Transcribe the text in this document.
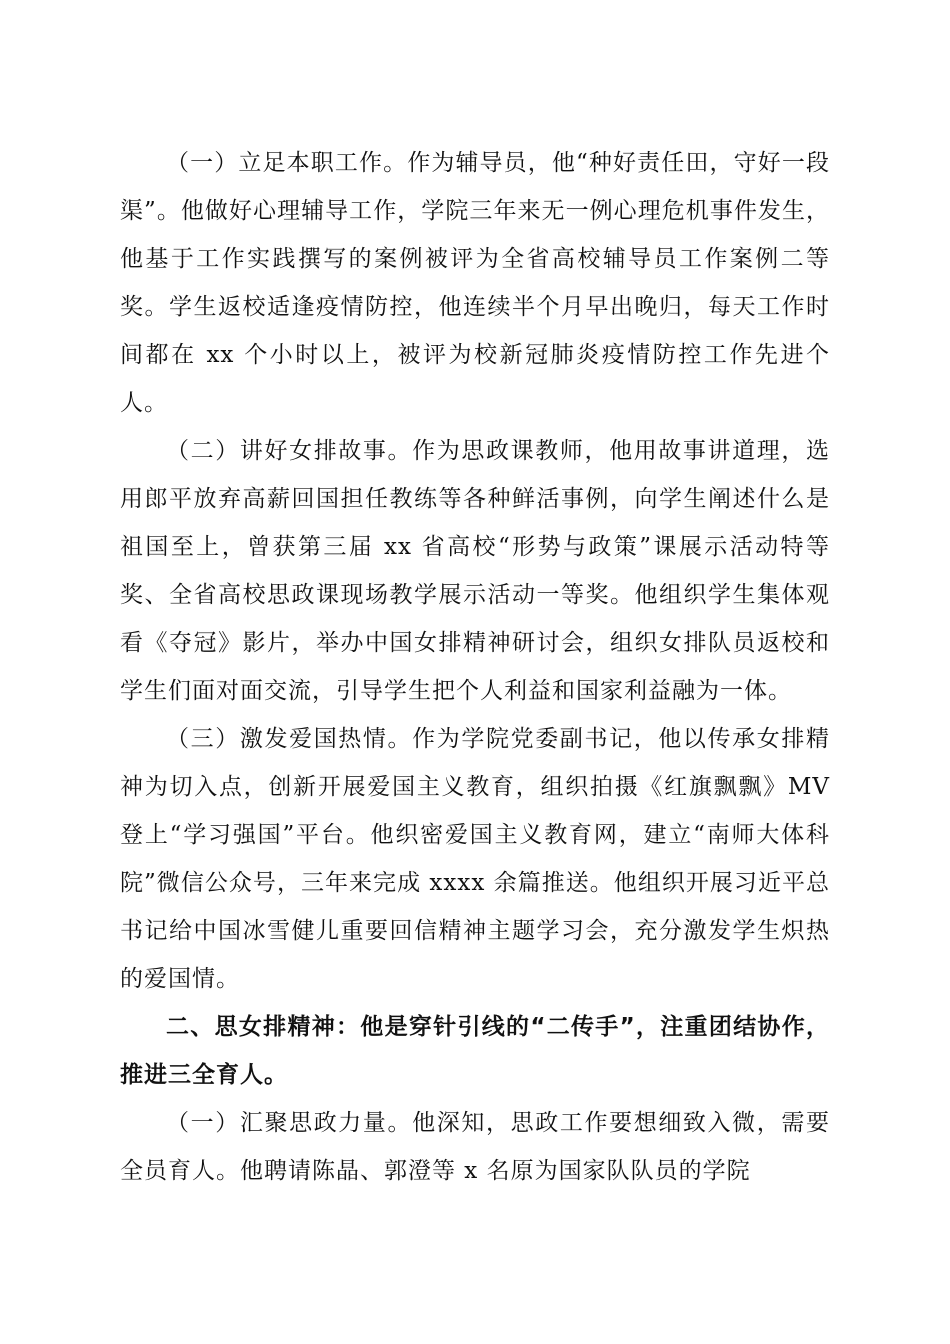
（一）立足本职工作。作为辅导员，他“种好责任田，守好一段渠”。他做好心理辅导工作，学院三年来无一例心理危机事件发生，他基于工作实践撰写的案例被评为全省高校辅导员工作案例二等奖。学生返校适逢疫情防控，他连续半个月早出晚归，每天工作时间都在 xx 个小时以上，被评为校新冠肺炎疫情防控工作先进个人。

（二）讲好女排故事。作为思政课教师，他用故事讲道理，选用郎平放弃高薪回国担任教练等各种鲜活事例，向学生阐述什么是祖国至上，曾获第三届 xx 省高校“形势与政策”课展示活动特等奖、全省高校思政课现场教学展示活动一等奖。他组织学生集体观看《夺冠》影片，举办中国女排精神研讨会，组织女排队员返校和学生们面对面交流，引导学生把个人利益和国家利益融为一体。

（三）激发爱国热情。作为学院党委副书记，他以传承女排精神为切入点，创新开展爱国主义教育，组织拍摄《红旗飘飘》MV 登上“学习强国”平台。他织密爱国主义教育网，建立“南师大体科院”微信公众号，三年来完成 xxxx 余篇推送。他组织开展习近平总书记给中国冰雪健儿重要回信精神主题学习会，充分激发学生炽热的爱国情。

二、思女排精神：他是穿针引线的“二传手”，注重团结协作，推进三全育人。

（一）汇聚思政力量。他深知，思政工作要想细致入微，需要全员育人。他聘请陈晶、郭澄等 x 名原为国家队队员的学院
